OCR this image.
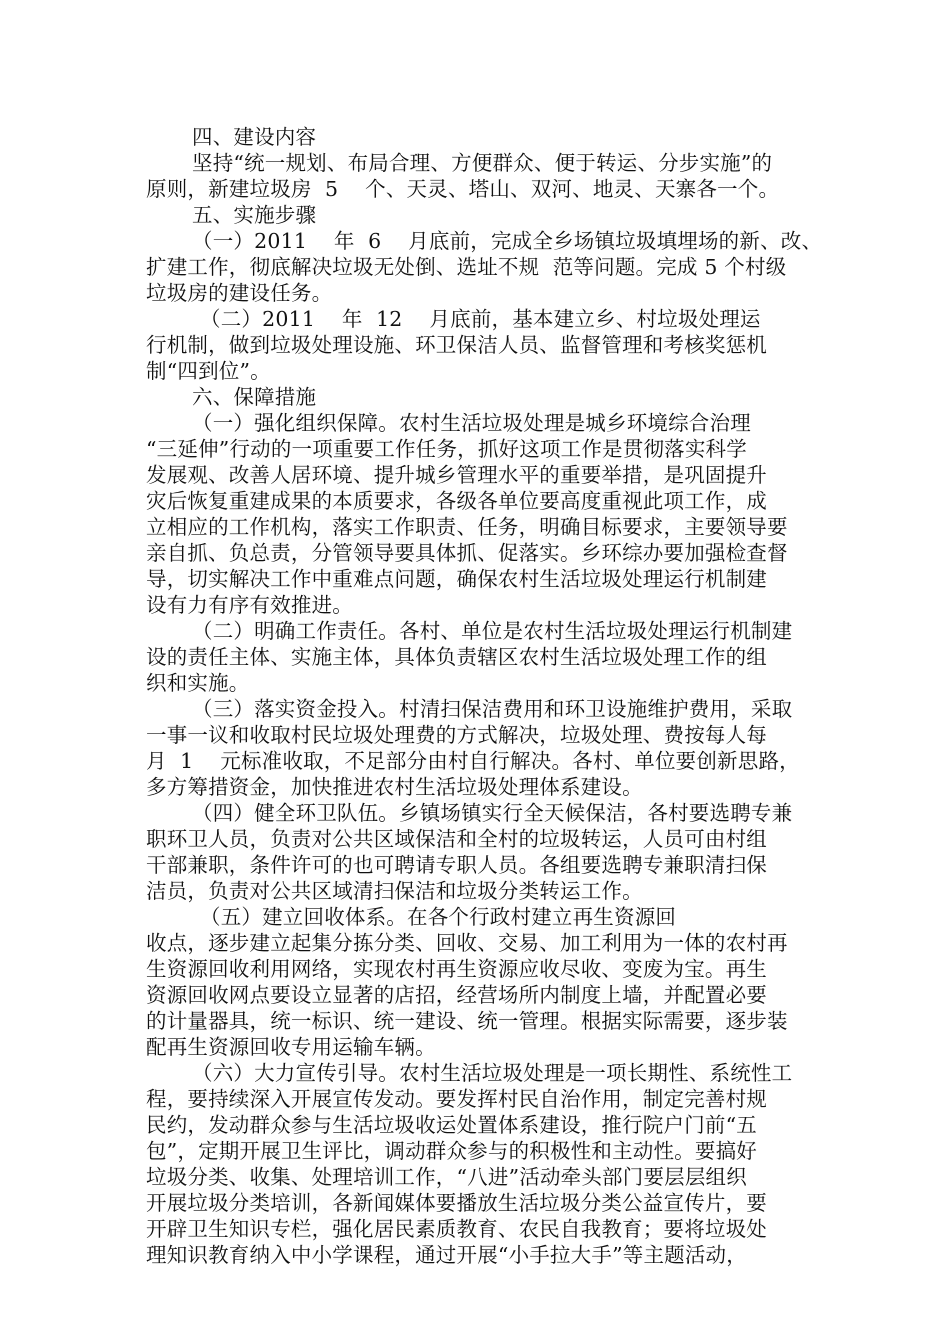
四、建设内容
坚持“统一规划、布局合理、方便群众、便于转运、分步实施”的
原则，新建垃圾房  5    个、天灵、塔山、双河、地灵、天寨各一个。
五、实施步骤
（一）2011    年  6    月底前，完成全乡场镇垃圾填埋场的新、改、
扩建工作，彻底解决垃圾无处倒、选址不规  范等问题。完成 5 个村级
垃圾房的建设任务。
（二）2011    年  12    月底前，基本建立乡、村垃圾处理运
行机制，做到垃圾处理设施、环卫保洁人员、监督管理和考核奖惩机
制“四到位”。
六、保障措施
（一）强化组织保障。农村生活垃圾处理是城乡环境综合治理
“三延伸”行动的一项重要工作任务，抓好这项工作是贯彻落实科学
发展观、改善人居环境、提升城乡管理水平的重要举措，是巩固提升
灾后恢复重建成果的本质要求，各级各单位要高度重视此项工作，成
立相应的工作机构，落实工作职责、任务，明确目标要求，主要领导要
亲自抓、负总责，分管领导要具体抓、促落实。乡环综办要加强检查督
导，切实解决工作中重难点问题，确保农村生活垃圾处理运行机制建
设有力有序有效推进。
（二）明确工作责任。各村、单位是农村生活垃圾处理运行机制建
设的责任主体、实施主体，具体负责辖区农村生活垃圾处理工作的组
织和实施。
（三）落实资金投入。村清扫保洁费用和环卫设施维护费用，采取
一事一议和收取村民垃圾处理费的方式解决，垃圾处理、费按每人每
月  1    元标准收取，不足部分由村自行解决。各村、单位要创新思路，
多方筹措资金，加快推进农村生活垃圾处理体系建设。
（四）健全环卫队伍。乡镇场镇实行全天候保洁，各村要选聘专兼
职环卫人员，负责对公共区域保洁和全村的垃圾转运，人员可由村组
干部兼职，条件许可的也可聘请专职人员。各组要选聘专兼职清扫保
洁员，负责对公共区域清扫保洁和垃圾分类转运工作。
（五）建立回收体系。在各个行政村建立再生资源回
收点，逐步建立起集分拣分类、回收、交易、加工利用为一体的农村再
生资源回收利用网络，实现农村再生资源应收尽收、变废为宝。再生
资源回收网点要设立显著的店招，经营场所内制度上墙，并配置必要
的计量器具，统一标识、统一建设、统一管理。根据实际需要，逐步装
配再生资源回收专用运输车辆。
（六）大力宣传引导。农村生活垃圾处理是一项长期性、系统性工
程，要持续深入开展宣传发动。要发挥村民自治作用，制定完善村规
民约，发动群众参与生活垃圾收运处置体系建设，推行院户门前“五
包”，定期开展卫生评比，调动群众参与的积极性和主动性。要搞好
垃圾分类、收集、处理培训工作，“八进”活动牵头部门要层层组织
开展垃圾分类培训，各新闻媒体要播放生活垃圾分类公益宣传片，要
开辟卫生知识专栏，强化居民素质教育、农民自我教育；要将垃圾处
理知识教育纳入中小学课程，通过开展“小手拉大手”等主题活动，
